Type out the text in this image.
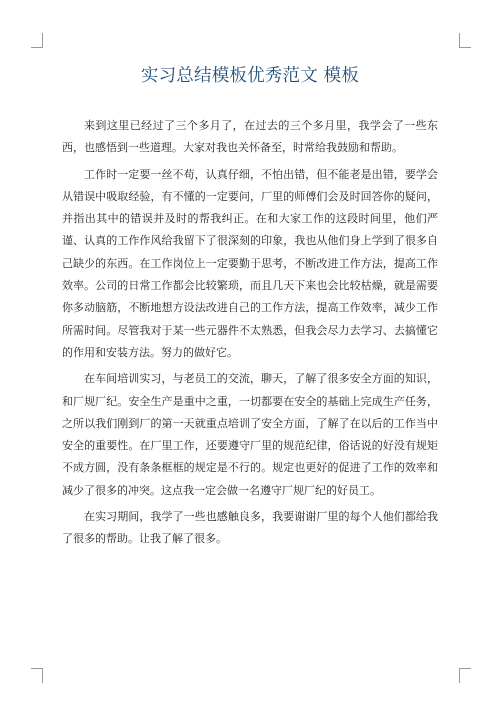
实习总结模板优秀范文 模板

来到这里已经过了三个多月了，在过去的三个多月里，我学会了一些东西，也感悟到一些道理。大家对我也关怀备至，时常给我鼓励和帮助。

工作时一定要一丝不苟，认真仔细，不怕出错，但不能老是出错，要学会从错误中吸取经验，有不懂的一定要问，厂里的师傅们会及时回答你的疑问，并指出其中的错误并及时的帮我纠正。在和大家工作的这段时间里，他们严谨、认真的工作作风给我留下了很深刻的印象，我也从他们身上学到了很多自己缺少的东西。在工作岗位上一定要勤于思考，不断改进工作方法，提高工作效率。公司的日常工作都会比较繁琐，而且几天下来也会比较枯燥，就是需要你多动脑筋，不断地想方设法改进自己的工作方法，提高工作效率，减少工作所需时间。尽管我对于某一些元器件不太熟悉，但我会尽力去学习、去搞懂它的作用和安装方法。努力的做好它。

在车间培训实习，与老员工的交流，聊天，了解了很多安全方面的知识，和厂规厂纪。安全生产是重中之重，一切都要在安全的基础上完成生产任务，之所以我们刚到厂的第一天就重点培训了安全方面，了解了在以后的工作当中安全的重要性。在厂里工作，还要遵守厂里的规范纪律，俗话说的好没有规矩不成方圆，没有条条框框的规定是不行的。规定也更好的促进了工作的效率和减少了很多的冲突。这点我一定会做一名遵守厂规厂纪的好员工。

在实习期间，我学了一些也感触良多，我要谢谢厂里的每个人他们都给我了很多的帮助。让我了解了很多。
